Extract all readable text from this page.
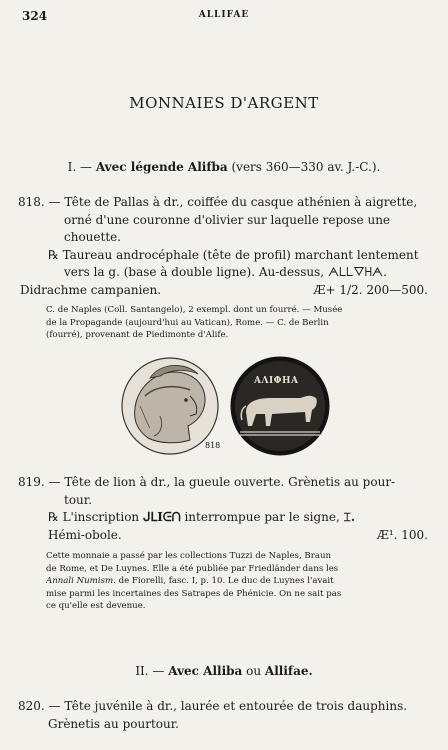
324	ALLIFAE
MONNAIES D'ARGENT
I. — Avec légende Alifba (vers 360—330 av. J.-C.).
818. — Tête de Pallas à dr., coiffée du casque athénien à aigrette,
orné d'une couronne d'olivier sur laquelle repose une
chouette.
℞ Taureau androcéphale (tête de profil) marchant lentement
vers la g. (base à double ligne). Au-dessus, ᗅᒪᒪᐁᕼᗅ.
Didrachme campanien.	Æ+ 1/2. 200—500.
C. de Naples (Coll. Santangelo), 2 exempl. dont un fourré. — Musée
de la Propagande (aujourd'hui au Vatican), Rome. — C. de Berlin
(fourré), provenant de Piedimonte d'Alife.
ΑΛΙΦΗΑ
818
819. — Tête de lion à dr., la gueule ouverte. Grènetis au pour-
tour.
℞ L'inscription ᒍᒪIᕮᑎ interrompue par le signe, ⌶.
Hémi-obole.	Æ¹. 100.
Cette monnaie a passé par les collections Tuzzi de Naples, Braun
de Rome, et De Luynes. Elle a été publiée par Friedländer dans les
Annali Numism. de Fiorelli, fasc. I, p. 10. Le duc de Luynes l'avait
mise parmi les incertaines des Satrapes de Phénicie. On ne sait pas
ce qu'elle est devenue.
II. — Avec Alliba ou Allifae.
820. — Tête juvénile à dr., laurée et entourée de trois dauphins.
Grènetis au pourtour.
